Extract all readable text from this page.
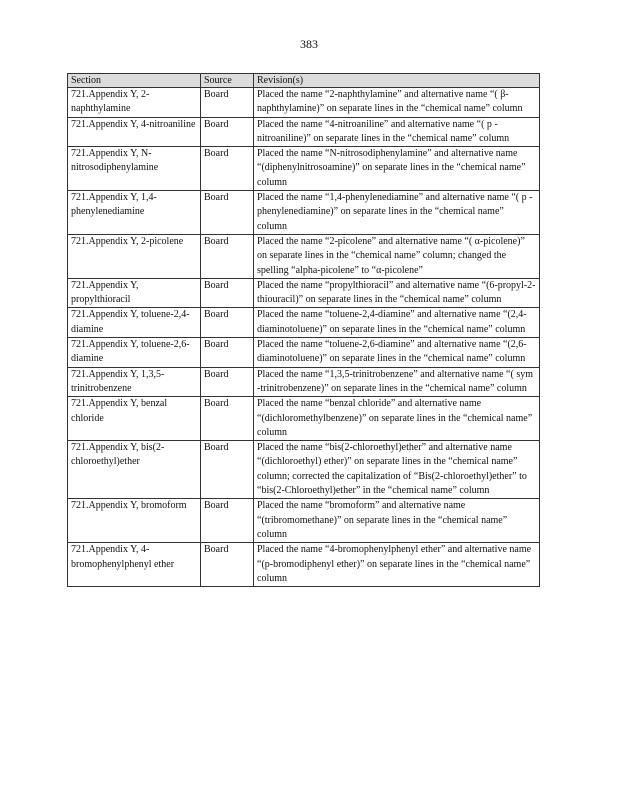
383
Section	Source	Revision(s)
721.Appendix Y, 2-naphthylamine	Board	Placed the name “2-naphthylamine” and alternative name “( β-naphthylamine)” on separate lines in the “chemical name” column
721.Appendix Y, 4-nitroaniline	Board	Placed the name “4-nitroaniline” and alternative name “( p -nitroaniline)” on separate lines in the “chemical name” column
721.Appendix Y, N-nitrosodiphenylamine	Board	Placed the name “N-nitrosodiphenylamine” and alternative name “(diphenylnitrosoamine)” on separate lines in the “chemical name” column
721.Appendix Y, 1,4-phenylenediamine	Board	Placed the name “1,4-phenylenediamine” and alternative name “( p -phenylenediamine)” on separate lines in the “chemical name” column
721.Appendix Y, 2-picolene	Board	Placed the name “2-picolene” and alternative name “( α-picolene)” on separate lines in the “chemical name” column; changed the spelling “alpha-picolene” to “α-picolene”
721.Appendix Y, propylthioracil	Board	Placed the name “propylthioracil” and alternative name “(6-propyl-2-thiouracil)” on separate lines in the “chemical name” column
721.Appendix Y, toluene-2,4-diamine	Board	Placed the name “toluene-2,4-diamine” and alternative name “(2,4-diaminotoluene)” on separate lines in the “chemical name” column
721.Appendix Y, toluene-2,6-diamine	Board	Placed the name “toluene-2,6-diamine” and alternative name “(2,6-diaminotoluene)” on separate lines in the “chemical name” column
721.Appendix Y, 1,3,5-trinitrobenzene	Board	Placed the name “1,3,5-trinitrobenzene” and alternative name “( sym -trinitrobenzene)” on separate lines in the “chemical name” column
721.Appendix Y, benzal chloride	Board	Placed the name “benzal chloride” and alternative name “(dichloromethylbenzene)” on separate lines in the “chemical name” column
721.Appendix Y, bis(2-chloroethyl)ether	Board	Placed the name “bis(2-chloroethyl)ether” and alternative name “(dichloroethyl) ether)” on separate lines in the “chemical name” column; corrected the capitalization of “Bis(2-chloroethyl)ether” to “bis(2-Chloroethyl)ether” in the “chemical name” column
721.Appendix Y, bromoform	Board	Placed the name “bromoform” and alternative name “(tribromomethane)” on separate lines in the “chemical name” column
721.Appendix Y, 4-bromophenylphenyl ether	Board	Placed the name “4-bromophenylphenyl ether” and alternative name “(p-bromodiphenyl ether)” on separate lines in the “chemical name” column
